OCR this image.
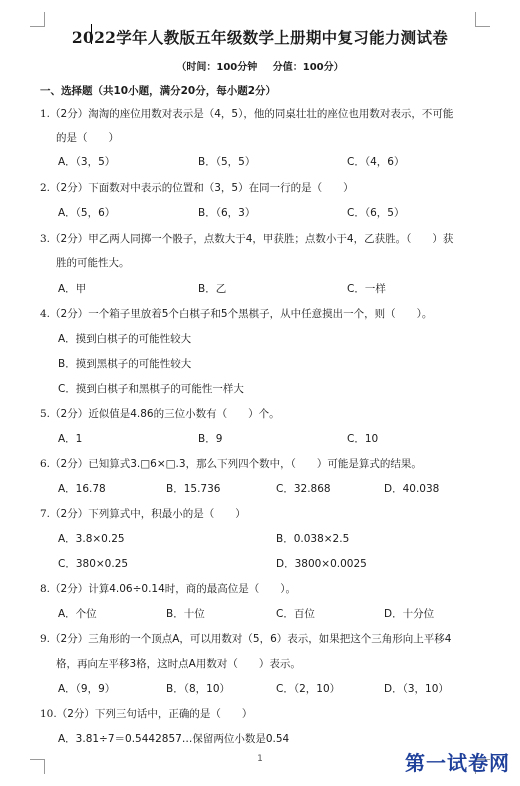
2022学年人教版五年级数学上册期中复习能力测试卷
（时间：100分钟 分值：100分）
一、选择题（共10小题，满分20分，每小题2分）
1.（2分）淘淘的座位用数对表示是（4，5），他的同桌壮壮的座位也用数对表示，不可能
的是（　　）
A．（3，5）	B．（5，5）	C．（4，6）
2.（2分）下面数对中表示的位置和（3，5）在同一行的是（　　）
A．（5，6）	B．（6，3）	C．（6，5）
3.（2分）甲乙两人同掷一个骰子，点数大于4，甲获胜；点数小于4，乙获胜。（　　）获
胜的可能性大。
A．甲	B．乙	C．一样
4.（2分）一个箱子里放着5个白棋子和5个黑棋子，从中任意摸出一个，则（　　）。
A．摸到白棋子的可能性较大
B．摸到黑棋子的可能性较大
C．摸到白棋子和黑棋子的可能性一样大
5.（2分）近似值是4.86的三位小数有（　　）个。
A．1	B．9	C．10
6.（2分）已知算式3.□6×□.3，那么下列四个数中，（　　）可能是算式的结果。
A．16.78	B．15.736	C．32.868	D．40.038
7.（2分）下列算式中，积最小的是（　　）
A．3.8×0.25	B．0.038×2.5
C．380×0.25	D．3800×0.0025
8.（2分）计算4.06÷0.14时，商的最高位是（　　）。
A．个位	B．十位	C．百位	D．十分位
9.（2分）三角形的一个顶点A，可以用数对（5，6）表示，如果把这个三角形向上平移4
格，再向左平移3格，这时点A用数对（　　）表示。
A．（9，9）	B．（8，10）	C．（2，10）	D．（3，10）
10.（2分）下列三句话中，正确的是（　　）
A．3.81÷7＝0.5442857…保留两位小数是0.54
1	第一试卷网
